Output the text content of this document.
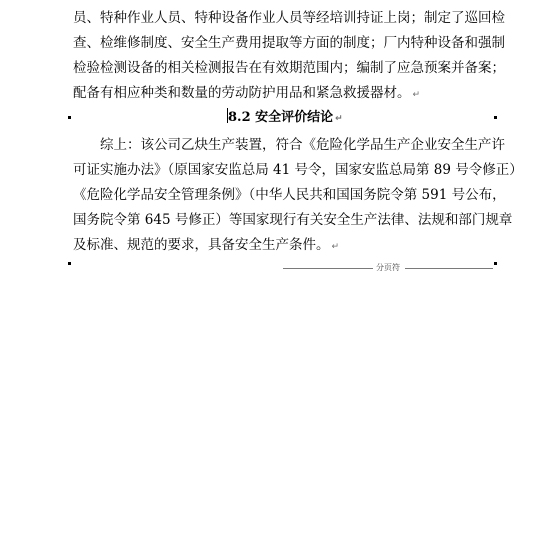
员、特种作业人员、特种设备作业人员等经培训持证上岗；制定了巡回检
查、检维修制度、安全生产费用提取等方面的制度；厂内特种设备和强制
检验检测设备的相关检测报告在有效期范围内；编制了应急预案并备案；
配备有相应种类和数量的劳动防护用品和紧急救援器材。 ↵
8.2 安全评价结论 ↵
综上：该公司乙炔生产装置，符合《危险化学品生产企业安全生产许
可证实施办法》（原国家安监总局 41 号令，国家安监总局第 89 号令修正）
《危险化学品安全管理条例》（中华人民共和国国务院令第 591 号公布，
国务院令第 645 号修正）等国家现行有关安全生产法律、法规和部门规章
及标准、规范的要求，具备安全生产条件。 ↵
分页符
